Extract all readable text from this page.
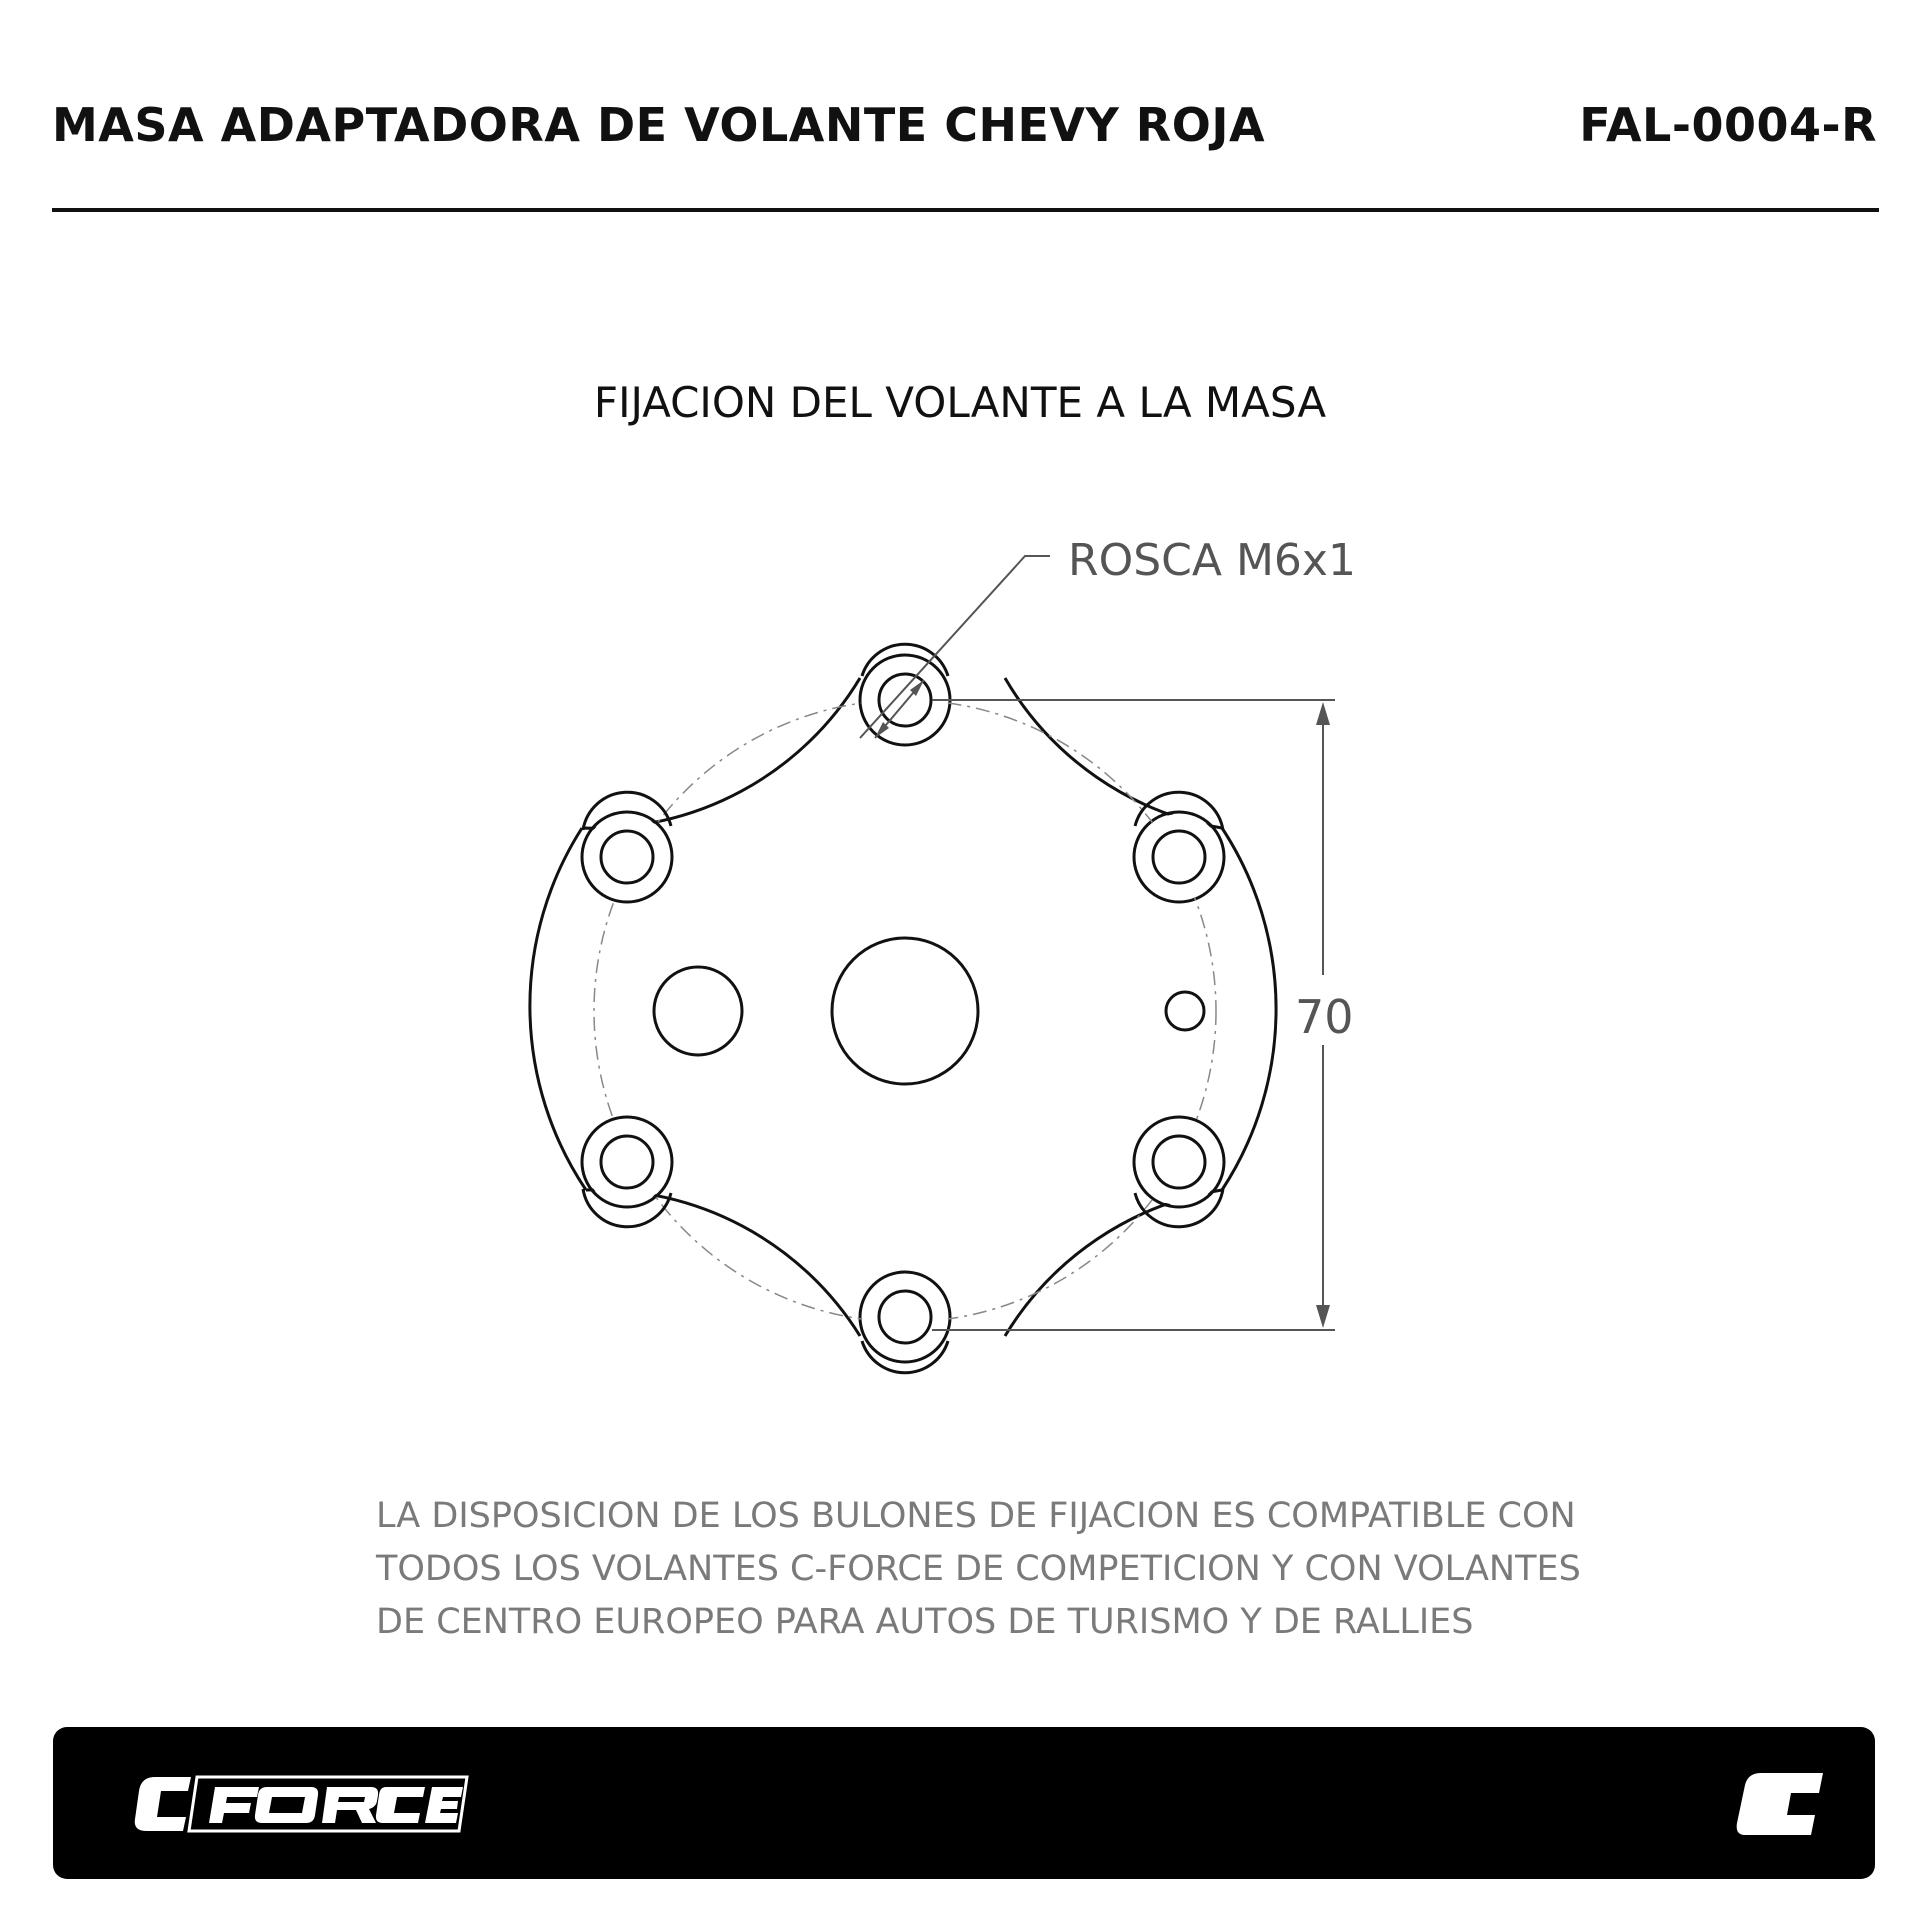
MASA ADAPTADORA DE VOLANTE CHEVY ROJA	FAL-0004-R
FIJACION DEL VOLANTE A LA MASA
ROSCA M6x1
70

LA DISPOSICION DE LOS BULONES DE FIJACION ES COMPATIBLE CON
TODOS LOS VOLANTES C-FORCE DE COMPETICION Y CON VOLANTES
DE CENTRO EUROPEO PARA AUTOS DE TURISMO Y DE RALLIES
